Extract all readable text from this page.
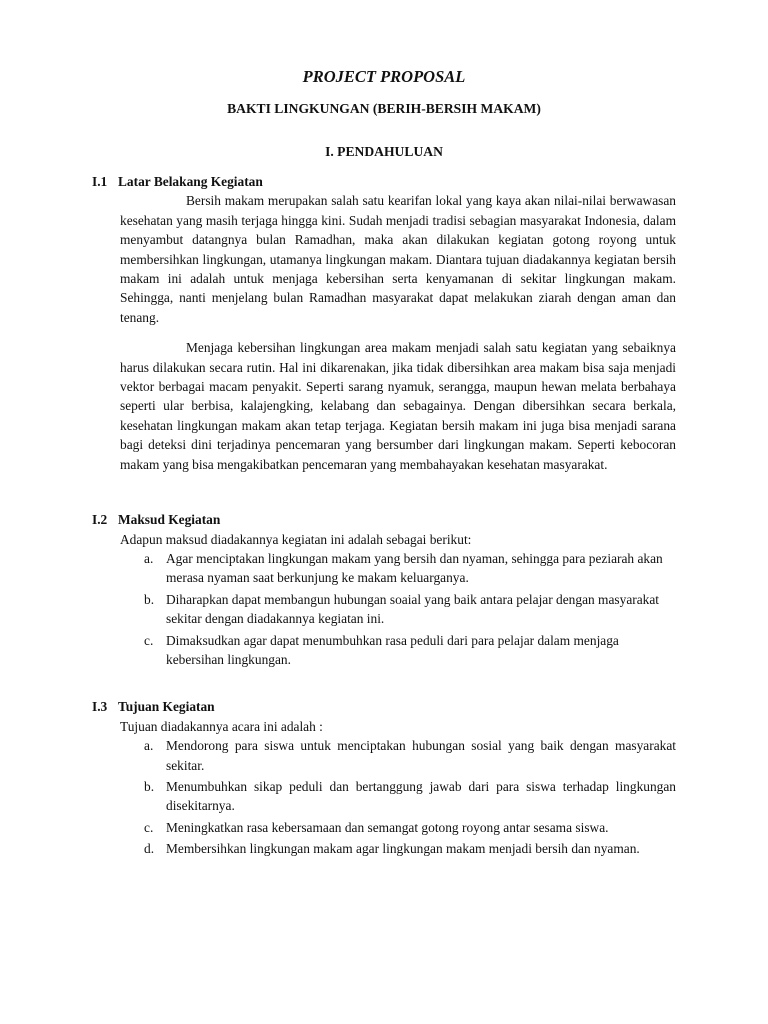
PROJECT PROPOSAL
BAKTI LINGKUNGAN (BERIH-BERSIH MAKAM)
I. PENDAHULUAN
I.1 Latar Belakang Kegiatan

Bersih makam merupakan salah satu kearifan lokal yang kaya akan nilai-nilai berwawasan kesehatan yang masih terjaga hingga kini. Sudah menjadi tradisi sebagian masyarakat Indonesia, dalam menyambut datangnya bulan Ramadhan, maka akan dilakukan kegiatan gotong royong untuk membersihkan lingkungan, utamanya lingkungan makam. Diantara tujuan diadakannya kegiatan bersih makam ini adalah untuk menjaga kebersihan serta kenyamanan di sekitar lingkungan makam. Sehingga, nanti menjelang bulan Ramadhan masyarakat dapat melakukan ziarah dengan aman dan tenang.

Menjaga kebersihan lingkungan area makam menjadi salah satu kegiatan yang sebaiknya harus dilakukan secara rutin. Hal ini dikarenakan, jika tidak dibersihkan area makam bisa saja menjadi vektor berbagai macam penyakit. Seperti sarang nyamuk, serangga, maupun hewan melata berbahaya seperti ular berbisa, kalajengking, kelabang dan sebagainya. Dengan dibersihkan secara berkala, kesehatan lingkungan makam akan tetap terjaga. Kegiatan bersih makam ini juga bisa menjadi sarana bagi deteksi dini terjadinya pencemaran yang bersumber dari lingkungan makam. Seperti kebocoran makam yang bisa mengakibatkan pencemaran yang membahayakan kesehatan masyarakat.

I.2 Maksud Kegiatan

Adapun maksud diadakannya kegiatan ini adalah sebagai berikut:

a. Agar menciptakan lingkungan makam yang bersih dan nyaman, sehingga para peziarah akan merasa nyaman saat berkunjung ke makam keluarganya.
b. Diharapkan dapat membangun hubungan soaial yang baik antara pelajar dengan masyarakat sekitar dengan diadakannya kegiatan ini.
c. Dimaksudkan agar dapat menumbuhkan rasa peduli dari para pelajar dalam menjaga kebersihan lingkungan.
I.3 Tujuan Kegiatan

Tujuan diadakannya acara ini adalah :

a. Mendorong para siswa untuk menciptakan hubungan sosial yang baik dengan masyarakat sekitar.
b. Menumbuhkan sikap peduli dan bertanggung jawab dari para siswa terhadap lingkungan disekitarnya.
c. Meningkatkan rasa kebersamaan dan semangat gotong royong antar sesama siswa.
d. Membersihkan lingkungan makam agar lingkungan makam menjadi bersih dan nyaman.
